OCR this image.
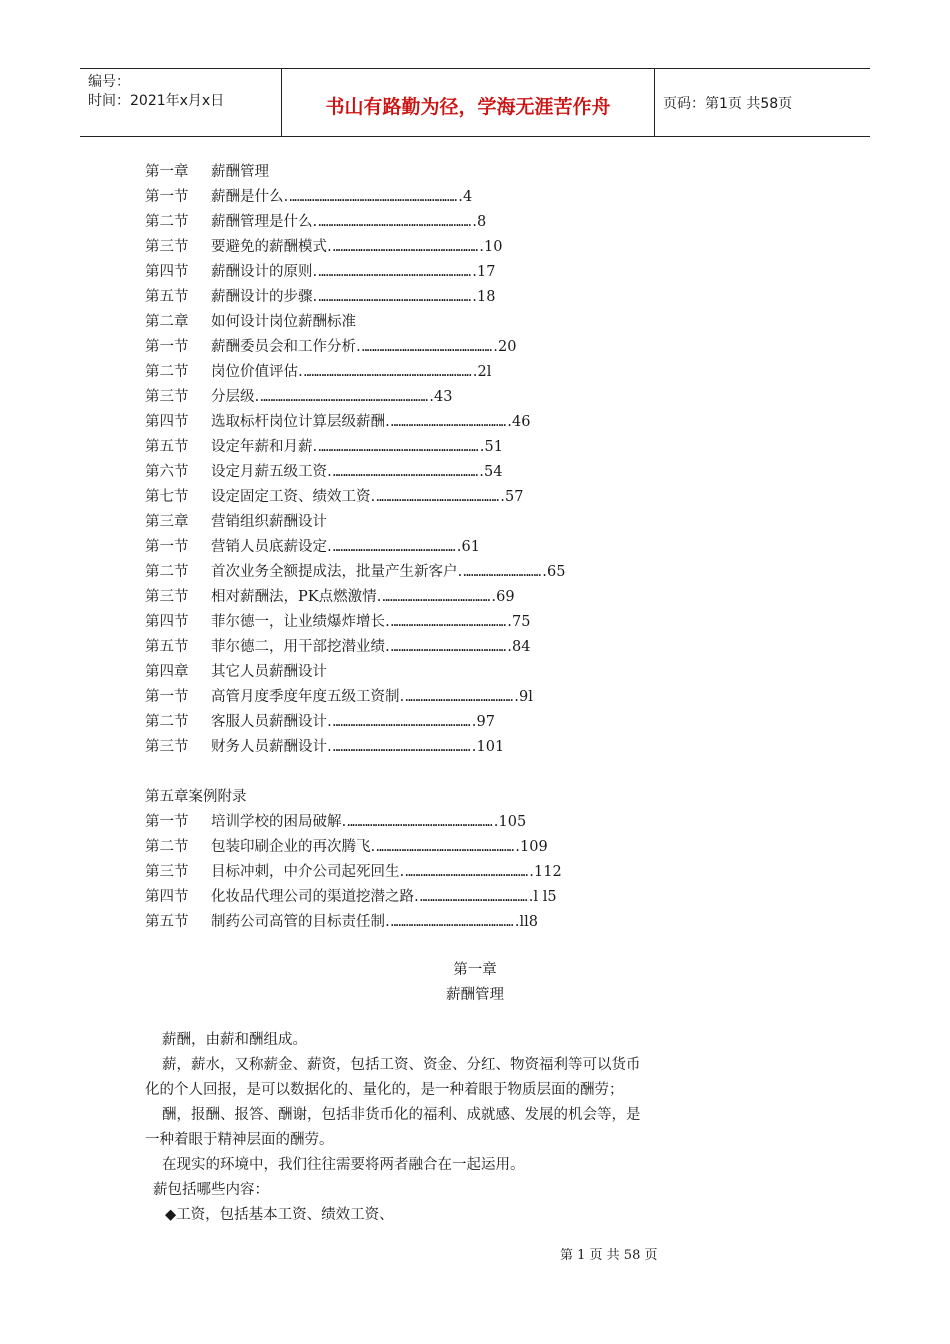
编号：
时间：2021年x月x日	书山有路勤为径，学海无涯苦作舟	页码：第1页 共58页
第一章 薪酬管理
第一节 薪酬是什么…………………………………………………………… 4
第二节 薪酬管理是什么……………………………………………………… 8
第三节 要避免的薪酬模式…………………………………………………… 10
第四节 薪酬设计的原则……………………………………………………… 17
第五节 薪酬设计的步骤……………………………………………………… 18
第二章 如何设计岗位薪酬标准
第一节 薪酬委员会和工作分析……………………………………………… 20
第二节 岗位价值评估…………………………………………………………… 2l
第三节 分层级…………………………………………………………… 43
第四节 选取标杆岗位计算层级薪酬………………………………………… 46
第五节 设定年薪和月薪………………………………………………………… 51
第六节 设定月薪五级工资…………………………………………………… 54
第七节 设定固定工资、绩效工资…………………………………………… 57
第三章 营销组织薪酬设计
第一节 营销人员底薪设定…………………………………………… 61
第二节 首次业务全额提成法，批量产生新客户…………………………… 65
第三节 相对薪酬法，PK点燃激情……………………………………… 69
第四节 菲尔德一，让业绩爆炸增长………………………………………… 75
第五节 菲尔德二，用干部挖潜业绩………………………………………… 84
第四章 其它人员薪酬设计
第一节 高管月度季度年度五级工资制……………………………………… 9l
第二节 客服人员薪酬设计………………………………………………… 97
第三节 财务人员薪酬设计………………………………………………… 101
第五章案例附录
第一节 培训学校的困局破解…………………………………………………… 105
第二节 包装印刷企业的再次腾飞………………………………………………… 109
第三节 目标冲刺，中介公司起死回生…………………………………………… 112
第四节 化妆品代理公司的渠道挖潜之路……………………………………… l l5
第五节 制药公司高管的目标责任制…………………………………………… ll8
第一章
薪酬管理
薪酬，由薪和酬组成。
薪，薪水，又称薪金、薪资，包括工资、资金、分红、物资福利等可以货币
化的个人回报，是可以数据化的、量化的，是一种着眼于物质层面的酬劳；
酬，报酬、报答、酬谢，包括非货币化的福利、成就感、发展的机会等，是
一种着眼于精神层面的酬劳。
在现实的环境中，我们往往需要将两者融合在一起运用。
薪包括哪些内容：
◆工资，包括基本工资、绩效工资、
第 1 页 共 58 页
